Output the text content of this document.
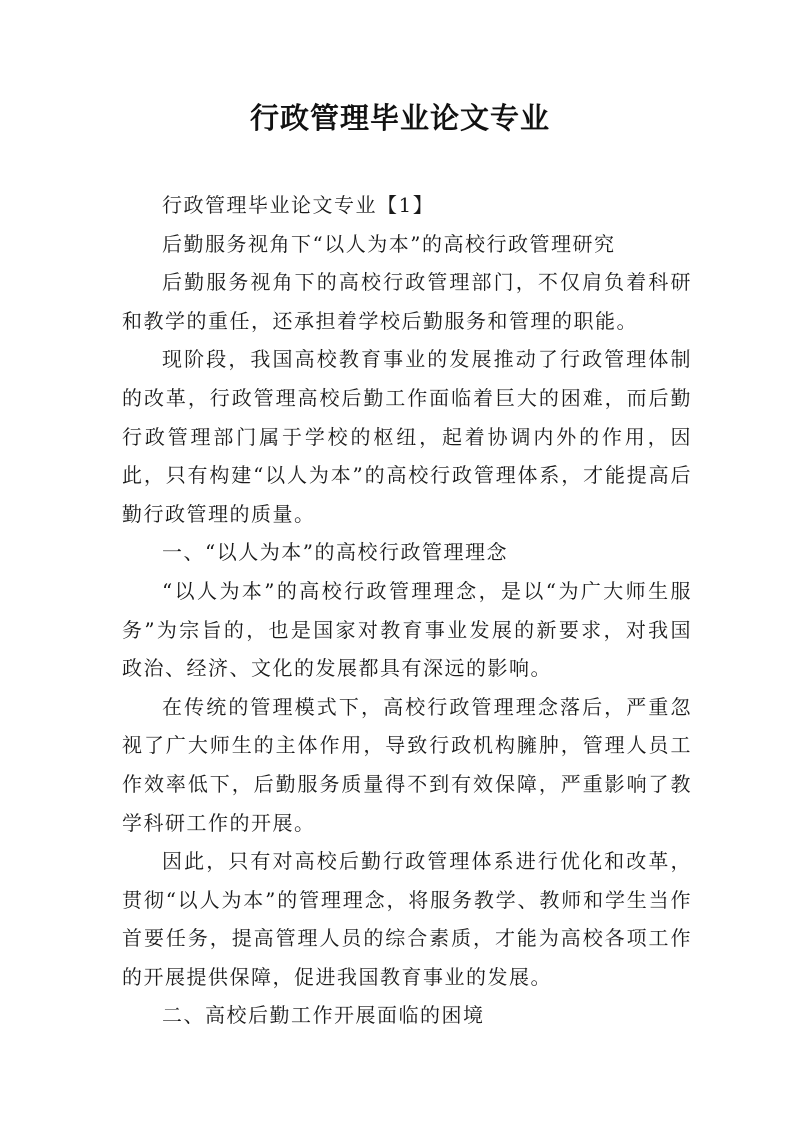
行政管理毕业论文专业

行政管理毕业论文专业【1】

后勤服务视角下“以人为本”的高校行政管理研究

后勤服务视角下的高校行政管理部门，不仅肩负着科研和教学的重任，还承担着学校后勤服务和管理的职能。

现阶段，我国高校教育事业的发展推动了行政管理体制的改革，行政管理高校后勤工作面临着巨大的困难，而后勤行政管理部门属于学校的枢纽，起着协调内外的作用，因此，只有构建“以人为本”的高校行政管理体系，才能提高后勤行政管理的质量。

一、“以人为本”的高校行政管理理念

“以人为本”的高校行政管理理念，是以“为广大师生服务”为宗旨的，也是国家对教育事业发展的新要求，对我国政治、经济、文化的发展都具有深远的影响。

在传统的管理模式下，高校行政管理理念落后，严重忽视了广大师生的主体作用，导致行政机构臃肿，管理人员工作效率低下，后勤服务质量得不到有效保障，严重影响了教学科研工作的开展。

因此，只有对高校后勤行政管理体系进行优化和改革，贯彻“以人为本”的管理理念，将服务教学、教师和学生当作首要任务，提高管理人员的综合素质，才能为高校各项工作的开展提供保障，促进我国教育事业的发展。

二、高校后勤工作开展面临的困境
